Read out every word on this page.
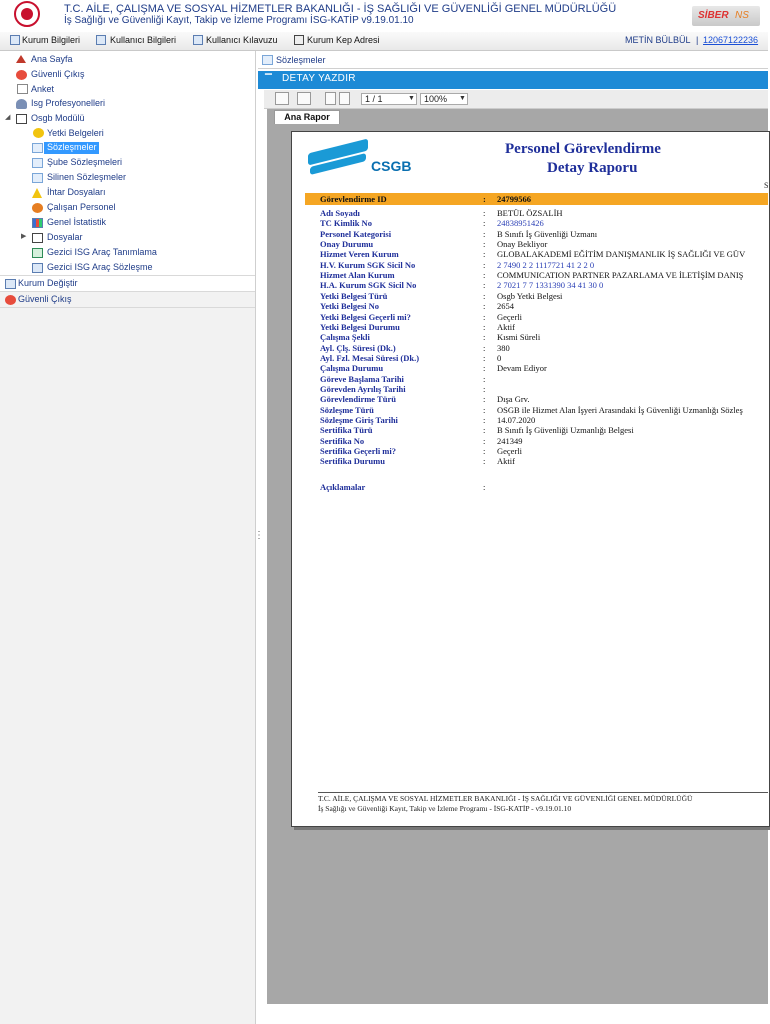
T.C. AİLE, ÇALIŞMA VE SOSYAL HİZMETLER BAKANLIĞI - İŞ SAĞLIĞI VE GÜVENLİĞİ GENEL MÜDÜRLÜĞÜ
İş Sağlığı ve Güvenliği Kayıt, Takip ve İzleme Programı İSG-KATİP v9.19.01.10	SİBER NS
Kurum Bilgileri	Kullanıcı Bilgileri	Kullanıcı Kılavuzu	Kurum Kep Adresi	METİN BÜLBÜL | 12067122236
Ana Sayfa
Güvenli Çıkış
Anket
Isg Profesyonelleri
◢ Osgb Modülü
Yetki Belgeleri
Sözleşmeler
Şube Sözleşmeleri
Silinen Sözleşmeler
İhtar Dosyaları
Çalışan Personel
Genel İstatistik
▶ Dosyalar
Gezici ISG Araç Tanımlama
Gezici ISG Araç Sözleşme
Kurum Değiştir
Güvenli Çıkış
⋮
Sözleşmeler
▔ DETAY YAZDIR
1 / 1	▼	100%	▼
Ana Rapor
CSGB
Personel Görevlendirme
Detay Raporu
S
Görevlendirme ID	: 24799566
Adı Soyadı	: BETÜL ÖZSALİH
TC Kimlik No	: 24838951426
Personel Kategorisi	: B Sınıfı İş Güvenliği Uzmanı
Onay Durumu	: Onay Bekliyor
Hizmet Veren Kurum	: GLOBALAKADEMİ EĞİTİM DANIŞMANLIK İŞ SAĞLIĞI VE GÜV
H.V. Kurum SGK Sicil No	: 2 7490 2 2 1117721 41 2 2 0
Hizmet Alan Kurum	: COMMUNICATION PARTNER PAZARLAMA VE İLETİŞİM DANIŞ
H.A. Kurum SGK Sicil No	: 2 7021 7 7 1331390 34 41 30 0
Yetki Belgesi Türü	: Osgb Yetki Belgesi
Yetki Belgesi No	: 2654
Yetki Belgesi Geçerli mi?	: Geçerli
Yetki Belgesi Durumu	: Aktif
Çalışma Şekli	: Kısmi Süreli
Ayl. Çlş. Süresi (Dk.)	: 380
Ayl. Fzl. Mesai Süresi (Dk.)	: 0
Çalışma Durumu	: Devam Ediyor
Göreve Başlama Tarihi	:
Görevden Ayrılış Tarihi	:
Görevlendirme Türü	: Dışa Grv.
Sözleşme Türü	: OSGB ile Hizmet Alan İşyeri Arasındaki İş Güvenliği Uzmanlığı Sözleş
Sözleşme Giriş Tarihi	: 14.07.2020
Sertifika Türü	: B Sınıfı İş Güvenliği Uzmanlığı Belgesi
Sertifika No	: 241349
Sertifika Geçerli mi?	: Geçerli
Sertifika Durumu	: Aktif
Açıklamalar	:
T.C. AİLE, ÇALIŞMA VE SOSYAL HİZMETLER BAKANLIĞI - İŞ SAĞLIĞI VE GÜVENLİĞİ GENEL MÜDÜRLÜĞÜ
İş Sağlığı ve Güvenliği Kayıt, Takip ve İzleme Programı - İSG-KATİP - v9.19.01.10
